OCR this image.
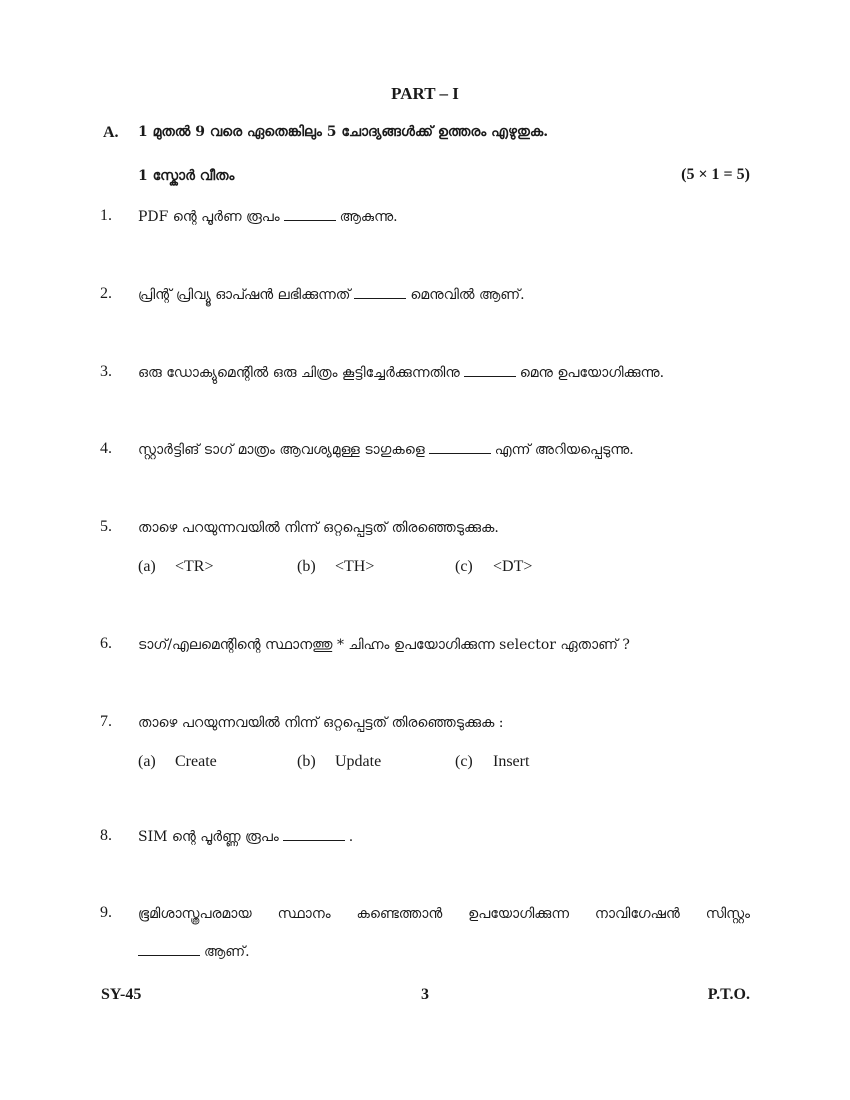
PART – I
A. 1 മുതൽ 9 വരെ ഏതെങ്കിലും 5 ചോദ്യങ്ങൾക്ക് ഉത്തരം എഴുതുക.
1 സ്കോർ വീതം	(5 × 1 = 5)
1. PDF ന്റെ പൂർണ രൂപം	ആകുന്നു.
2. പ്രിന്റ് പ്രിവ്യൂ ഓപ്ഷൻ ലഭിക്കുന്നത്	മെനുവിൽ ആണ്.
3. ഒരു ഡോക്യുമെന്റിൽ ഒരു ചിത്രം കൂട്ടിച്ചേർക്കുന്നതിനു	മെനു ഉപയോഗിക്കുന്നു.
4. സ്റ്റാർട്ടിങ് ടാഗ് മാത്രം ആവശ്യമുള്ള ടാഗുകളെ	എന്ന് അറിയപ്പെടുന്നു.
5. താഴെ പറയുന്നവയിൽ നിന്ന് ഒറ്റപ്പെട്ടത് തിരഞ്ഞെടുക്കുക.
(a) <TR>	(b) <TH>	(c) <DT>
6. ടാഗ്/എലമെന്റിന്റെ സ്ഥാനത്തു * ചിഹ്നം ഉപയോഗിക്കുന്ന selector ഏതാണ് ?
7. താഴെ പറയുന്നവയിൽ നിന്ന് ഒറ്റപ്പെട്ടത് തിരഞ്ഞെടുക്കുക :
(a) Create	(b) Update	(c) Insert
8. SIM ന്റെ പൂർണ്ണ രൂപം	.
9. ഭൂമിശാസ്ത്രപരമായ സ്ഥാനം കണ്ടെത്താൻ ഉപയോഗിക്കുന്ന നാവിഗേഷൻ സിസ്റ്റം
ആണ്.
SY-45	3	P.T.O.
